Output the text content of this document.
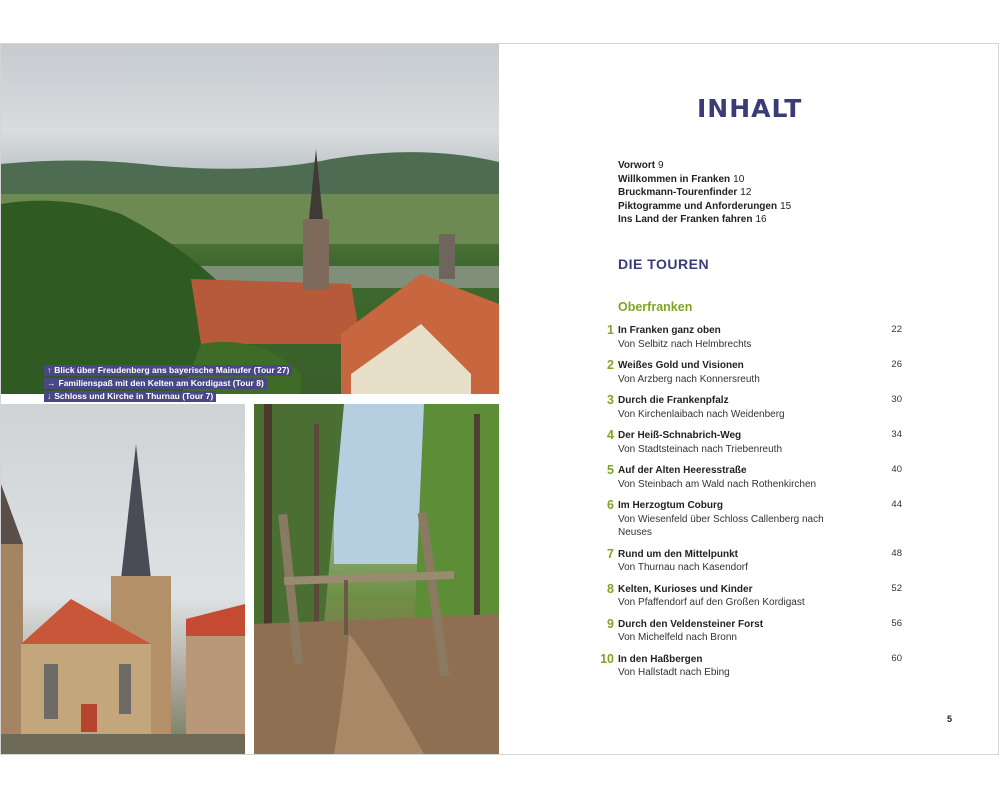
↑ Blick über Freudenberg ans bayerische Mainufer (Tour 27)
→ Familienspaß mit den Kelten am Kordigast (Tour 8)
↓ Schloss und Kirche in Thurnau (Tour 7)
INHALT
Vorwort 9
Willkommen in Franken 10
Bruckmann-Tourenfinder 12
Piktogramme und Anforderungen 15
Ins Land der Franken fahren 16
DIE TOUREN
Oberfranken
1 In Franken ganz oben
Von Selbitz nach Helmbrechts
22
2 Weißes Gold und Visionen
Von Arzberg nach Konnersreuth
26
3 Durch die Frankenpfalz
Von Kirchenlaibach nach Weidenberg
30
4 Der Heiß-Schnabrich-Weg
Von Stadtsteinach nach Triebenreuth
34
5 Auf der Alten Heeresstraße
Von Steinbach am Wald nach Rothenkirchen
40
6 Im Herzogtum Coburg
Von Wiesenfeld über Schloss Callenberg nach Neuses
44
7 Rund um den Mittelpunkt
Von Thurnau nach Kasendorf
48
8 Kelten, Kurioses und Kinder
Von Pfaffendorf auf den Großen Kordigast
52
9 Durch den Veldensteiner Forst
Von Michelfeld nach Bronn
56
10 In den Haßbergen
Von Hallstadt nach Ebing
60
5
